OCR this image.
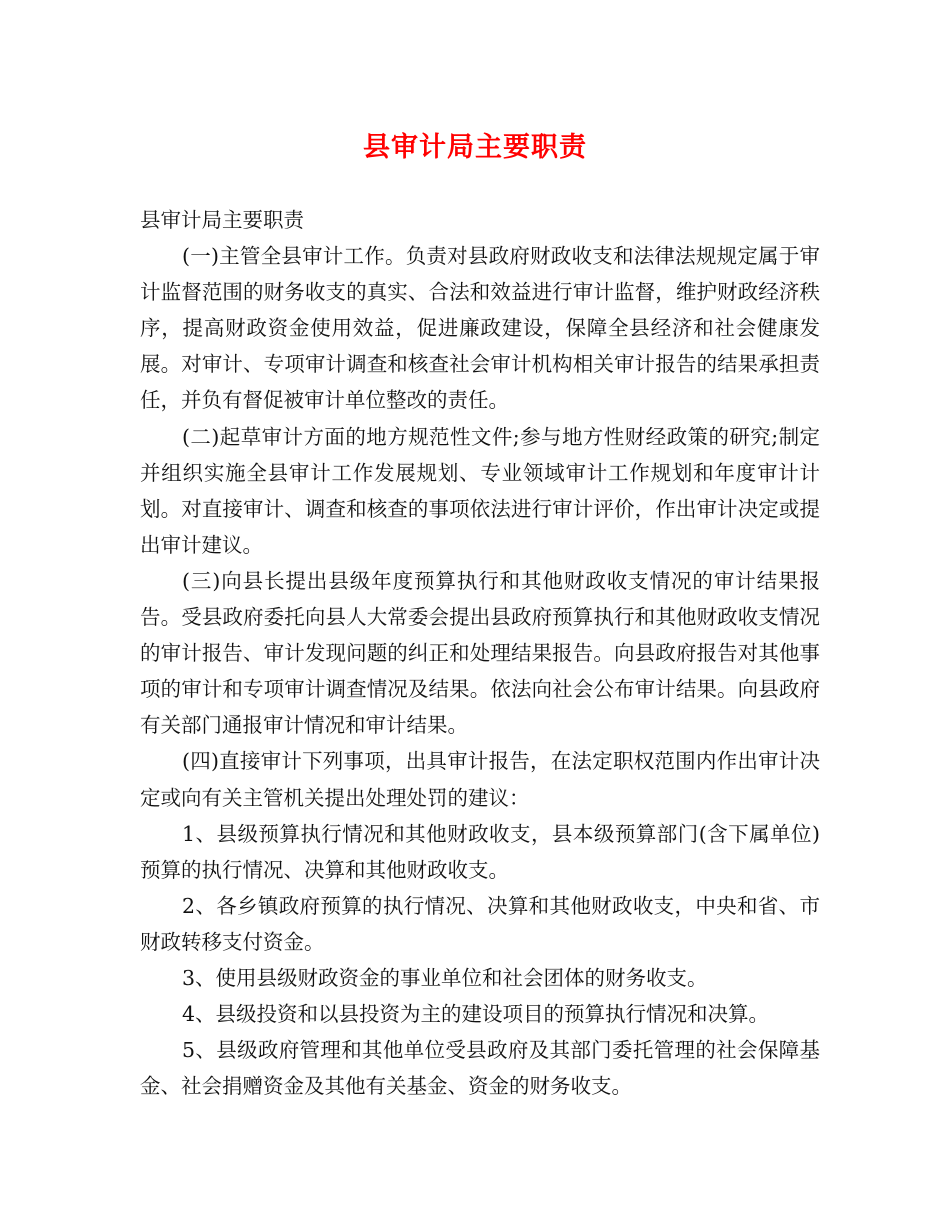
县审计局主要职责

县审计局主要职责

(一)主管全县审计工作。负责对县政府财政收支和法律法规规定属于审计监督范围的财务收支的真实、合法和效益进行审计监督，维护财政经济秩序，提高财政资金使用效益，促进廉政建设，保障全县经济和社会健康发展。对审计、专项审计调查和核查社会审计机构相关审计报告的结果承担责任，并负有督促被审计单位整改的责任。

(二)起草审计方面的地方规范性文件;参与地方性财经政策的研究;制定并组织实施全县审计工作发展规划、专业领域审计工作规划和年度审计计划。对直接审计、调查和核查的事项依法进行审计评价，作出审计决定或提出审计建议。

(三)向县长提出县级年度预算执行和其他财政收支情况的审计结果报告。受县政府委托向县人大常委会提出县政府预算执行和其他财政收支情况的审计报告、审计发现问题的纠正和处理结果报告。向县政府报告对其他事项的审计和专项审计调查情况及结果。依法向社会公布审计结果。向县政府有关部门通报审计情况和审计结果。

(四)直接审计下列事项，出具审计报告，在法定职权范围内作出审计决定或向有关主管机关提出处理处罚的建议：

1、县级预算执行情况和其他财政收支，县本级预算部门(含下属单位)预算的执行情况、决算和其他财政收支。

2、各乡镇政府预算的执行情况、决算和其他财政收支，中央和省、市财政转移支付资金。

3、使用县级财政资金的事业单位和社会团体的财务收支。

4、县级投资和以县投资为主的建设项目的预算执行情况和决算。

5、县级政府管理和其他单位受县政府及其部门委托管理的社会保障基金、社会捐赠资金及其他有关基金、资金的财务收支。
